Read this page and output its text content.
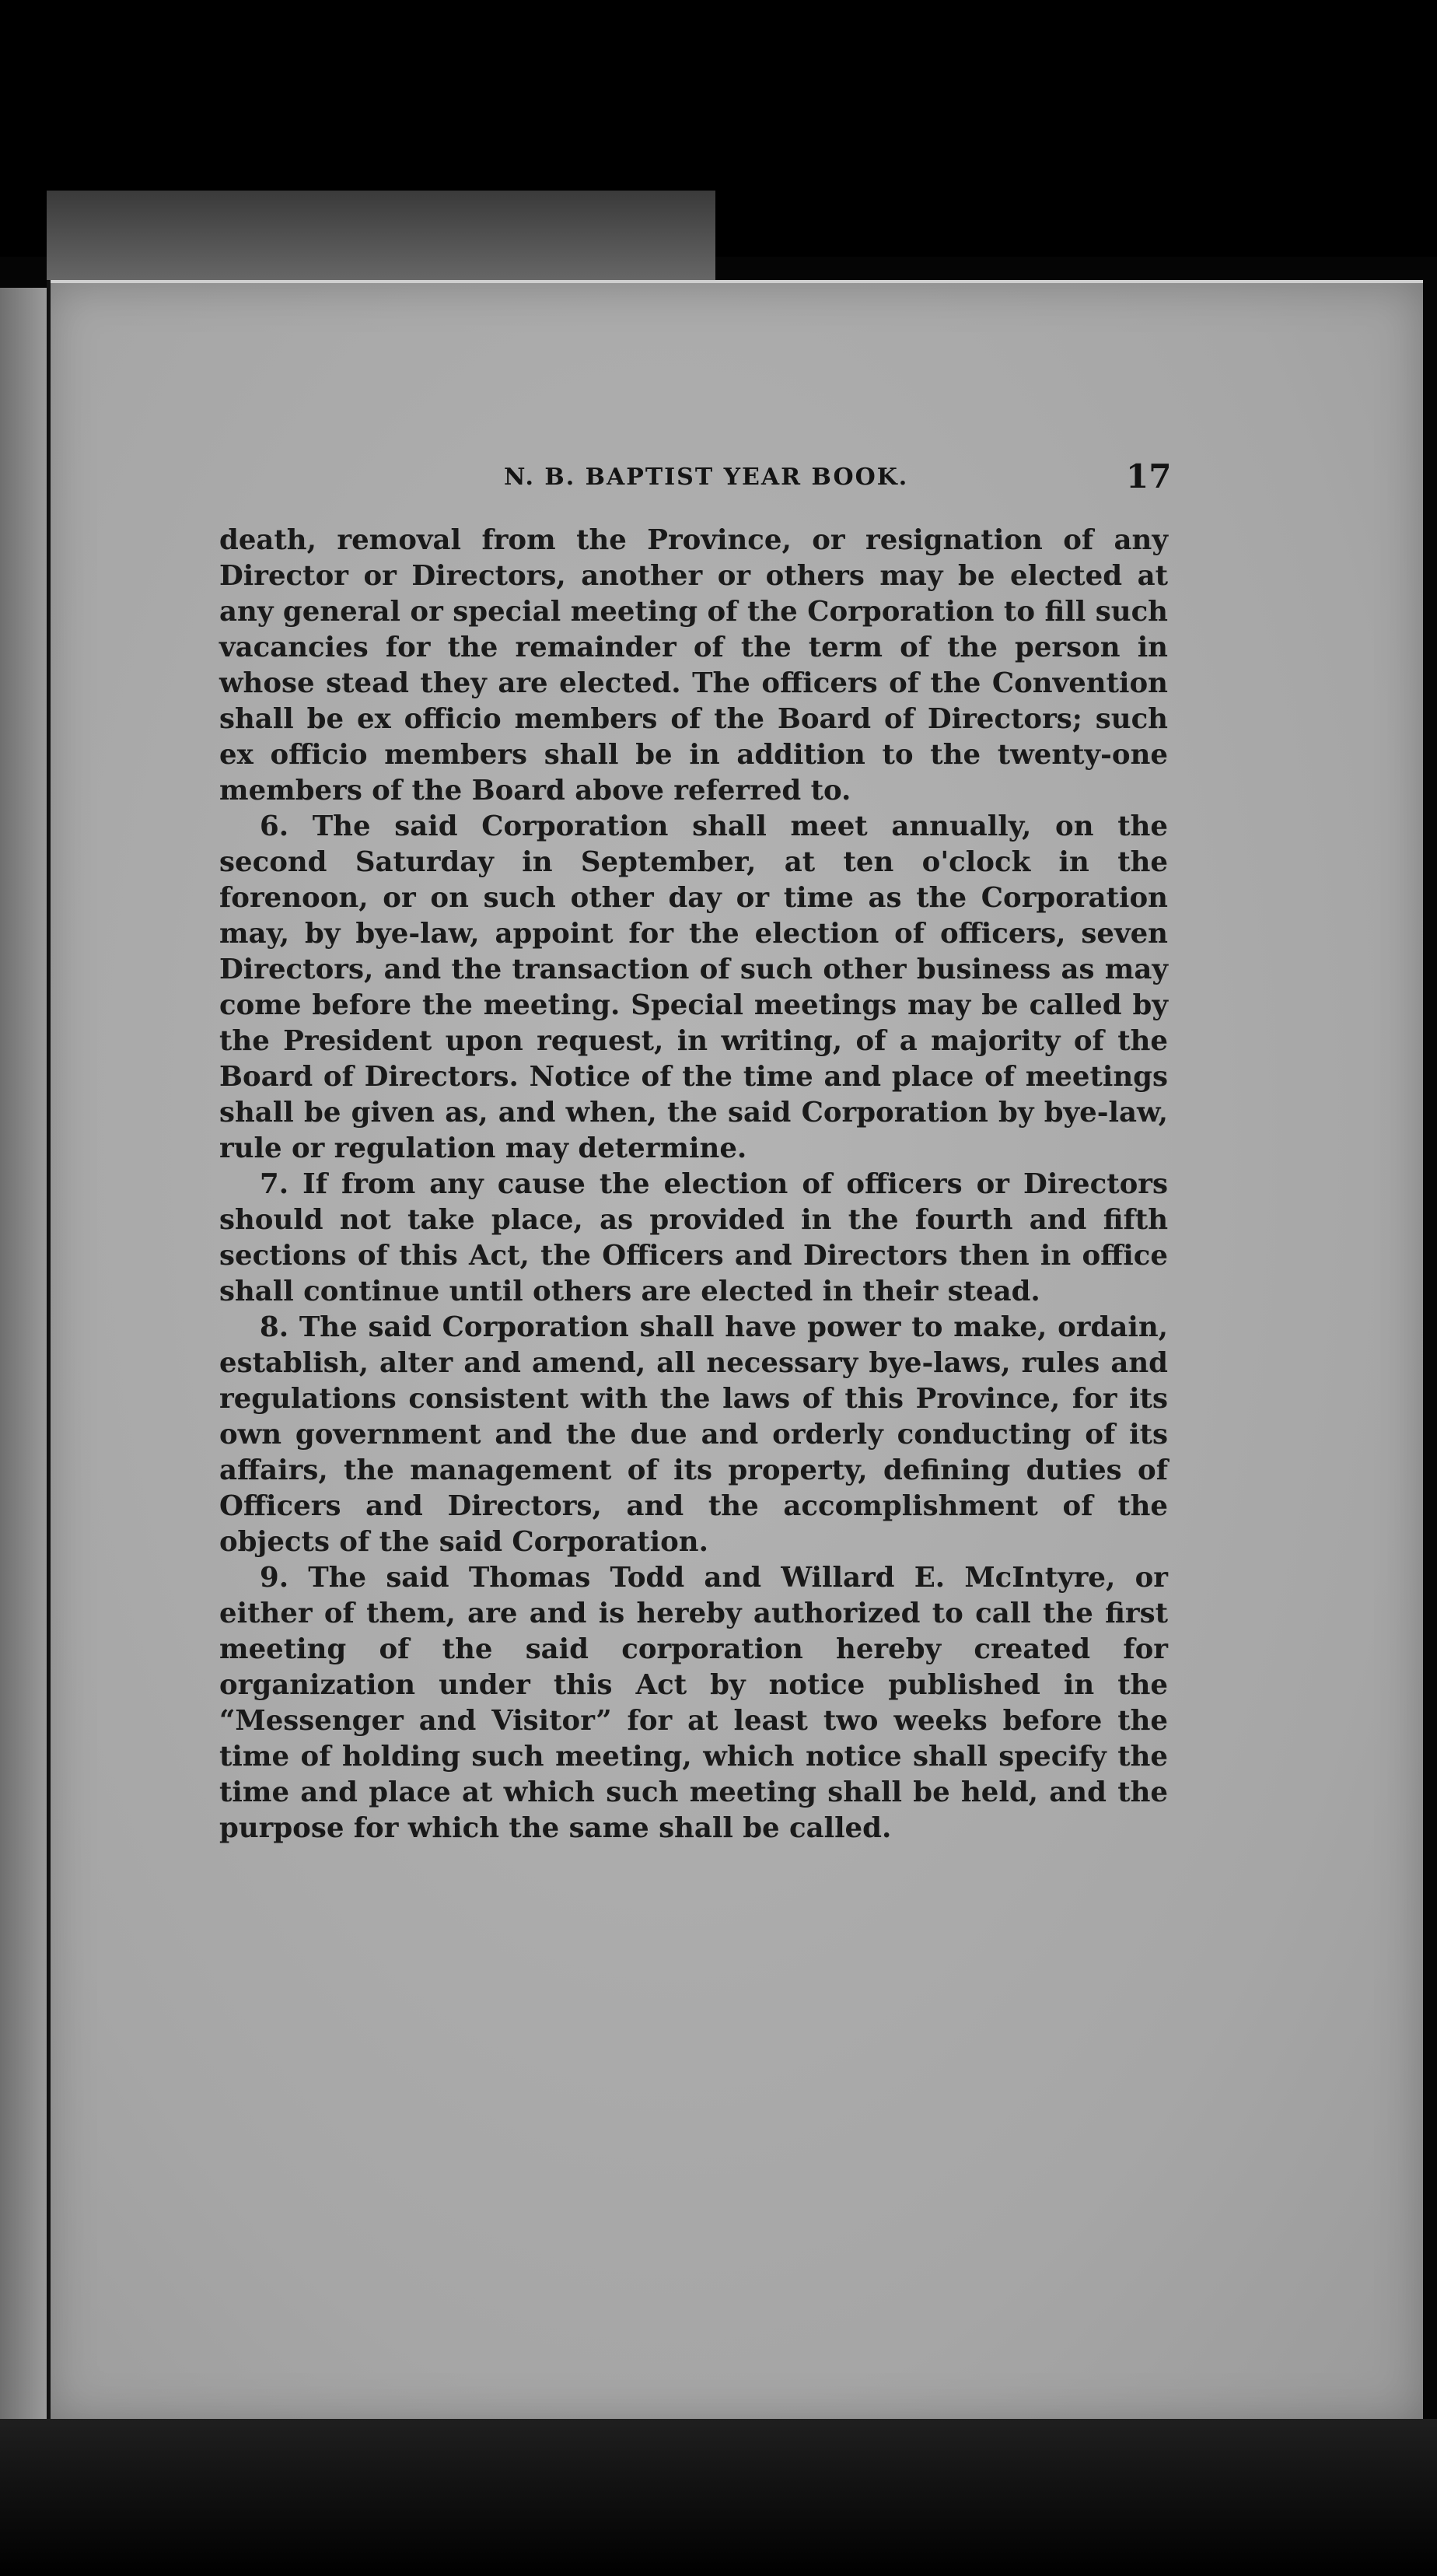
N. B. BAPTIST YEAR BOOK.	17

death, removal from the Province, or resignation of any Director or Directors, another or others may be elected at any general or special meeting of the Corporation to fill such vacancies for the remainder of the term of the person in whose stead they are elected. The officers of the Convention shall be ex officio members of the Board of Directors; such ex officio members shall be in addition to the twenty-one members of the Board above referred to.

6. The said Corporation shall meet annually, on the second Saturday in September, at ten o'clock in the forenoon, or on such other day or time as the Corporation may, by bye-law, appoint for the election of officers, seven Directors, and the transaction of such other business as may come before the meeting. Special meetings may be called by the President upon request, in writing, of a majority of the Board of Directors. Notice of the time and place of meetings shall be given as, and when, the said Corporation by bye-law, rule or regulation may determine.

7. If from any cause the election of officers or Directors should not take place, as provided in the fourth and fifth sections of this Act, the Officers and Directors then in office shall continue until others are elected in their stead.

8. The said Corporation shall have power to make, ordain, establish, alter and amend, all necessary bye-laws, rules and regulations consistent with the laws of this Province, for its own government and the due and orderly conducting of its affairs, the management of its property, defining duties of Officers and Directors, and the accomplishment of the objects of the said Corporation.

9. The said Thomas Todd and Willard E. McIntyre, or either of them, are and is hereby authorized to call the first meeting of the said corporation hereby created for organization under this Act by notice published in the “Messenger and Visitor” for at least two weeks before the time of holding such meeting, which notice shall specify the time and place at which such meeting shall be held, and the purpose for which the same shall be called.
